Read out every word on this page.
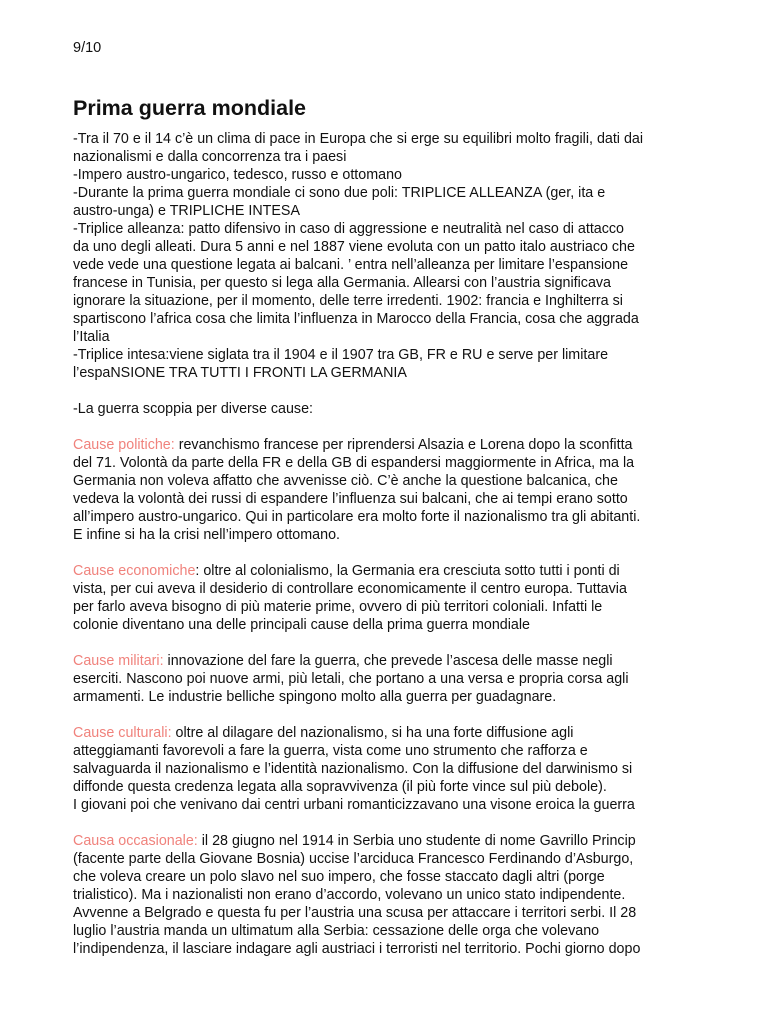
9/10
Prima guerra mondiale
-Tra il 70 e il 14 c’è un clima di pace in Europa che si erge su equilibri molto fragili, dati dai
nazionalismi e dalla concorrenza tra i paesi
-Impero austro-ungarico, tedesco, russo e ottomano
-Durante la prima guerra mondiale ci sono due poli: TRIPLICE ALLEANZA (ger, ita e
austro-unga) e TRIPLICHE INTESA
-Triplice alleanza: patto difensivo in caso di aggressione e neutralità nel caso di attacco
da uno degli alleati. Dura 5 anni e nel 1887 viene evoluta con un patto italo austriaco che
vede vede una questione legata ai balcani. ’ entra nell’alleanza per limitare l’espansione
francese in Tunisia, per questo si lega alla Germania. Allearsi con l’austria significava
ignorare la situazione, per il momento, delle terre irredenti. 1902: francia e Inghilterra si
spartiscono l’africa cosa che limita l’influenza in Marocco della Francia, cosa che aggrada
l’Italia
-Triplice intesa:viene siglata tra il 1904 e il 1907 tra GB, FR e RU e serve per limitare
l’espaNSIONE TRA TUTTI I FRONTI LA GERMANIA
-La guerra scoppia per diverse cause:
Cause politiche: revanchismo francese per riprendersi Alsazia e Lorena dopo la sconfitta
del 71. Volontà da parte della FR e della GB di espandersi maggiormente in Africa, ma la
Germania non voleva affatto che avvenisse ciò. C’è anche la questione balcanica, che
vedeva la volontà dei russi di espandere l’influenza sui balcani, che ai tempi erano sotto
all’impero austro-ungarico. Qui in particolare era molto forte il nazionalismo tra gli abitanti.
E infine si ha la crisi nell’impero ottomano.
Cause economiche: oltre al colonialismo, la Germania era cresciuta sotto tutti i ponti di
vista, per cui aveva il desiderio di controllare economicamente il centro europa. Tuttavia
per farlo aveva bisogno di più materie prime, ovvero di più territori coloniali. Infatti le
colonie diventano una delle principali cause della prima guerra mondiale
Cause militari: innovazione del fare la guerra, che prevede l’ascesa delle masse negli
eserciti. Nascono poi nuove armi, più letali, che portano a una versa e propria corsa agli
armamenti. Le industrie belliche spingono molto alla guerra per guadagnare.
Cause culturali: oltre al dilagare del nazionalismo, si ha una forte diffusione agli
atteggiamanti favorevoli a fare la guerra, vista come uno strumento che rafforza e
salvaguarda il nazionalismo e l’identità nazionalismo. Con la diffusione del darwinismo si
diffonde questa credenza legata alla sopravvivenza (il più forte vince sul più debole).
I giovani poi che venivano dai centri urbani romanticizzavano una visone eroica la guerra
Causa occasionale: il 28 giugno nel 1914 in Serbia uno studente di nome Gavrillo Princip
(facente parte della Giovane Bosnia) uccise l’arciduca Francesco Ferdinando d’Asburgo,
che voleva creare un polo slavo nel suo impero, che fosse staccato dagli altri (porge
trialistico). Ma i nazionalisti non erano d’accordo, volevano un unico stato indipendente.
Avvenne a Belgrado e questa fu per l’austria una scusa per attaccare i territori serbi. Il 28
luglio l’austria manda un ultimatum alla Serbia: cessazione delle orga che volevano
l’indipendenza, il lasciare indagare agli austriaci i terroristi nel territorio. Pochi giorno dopo
